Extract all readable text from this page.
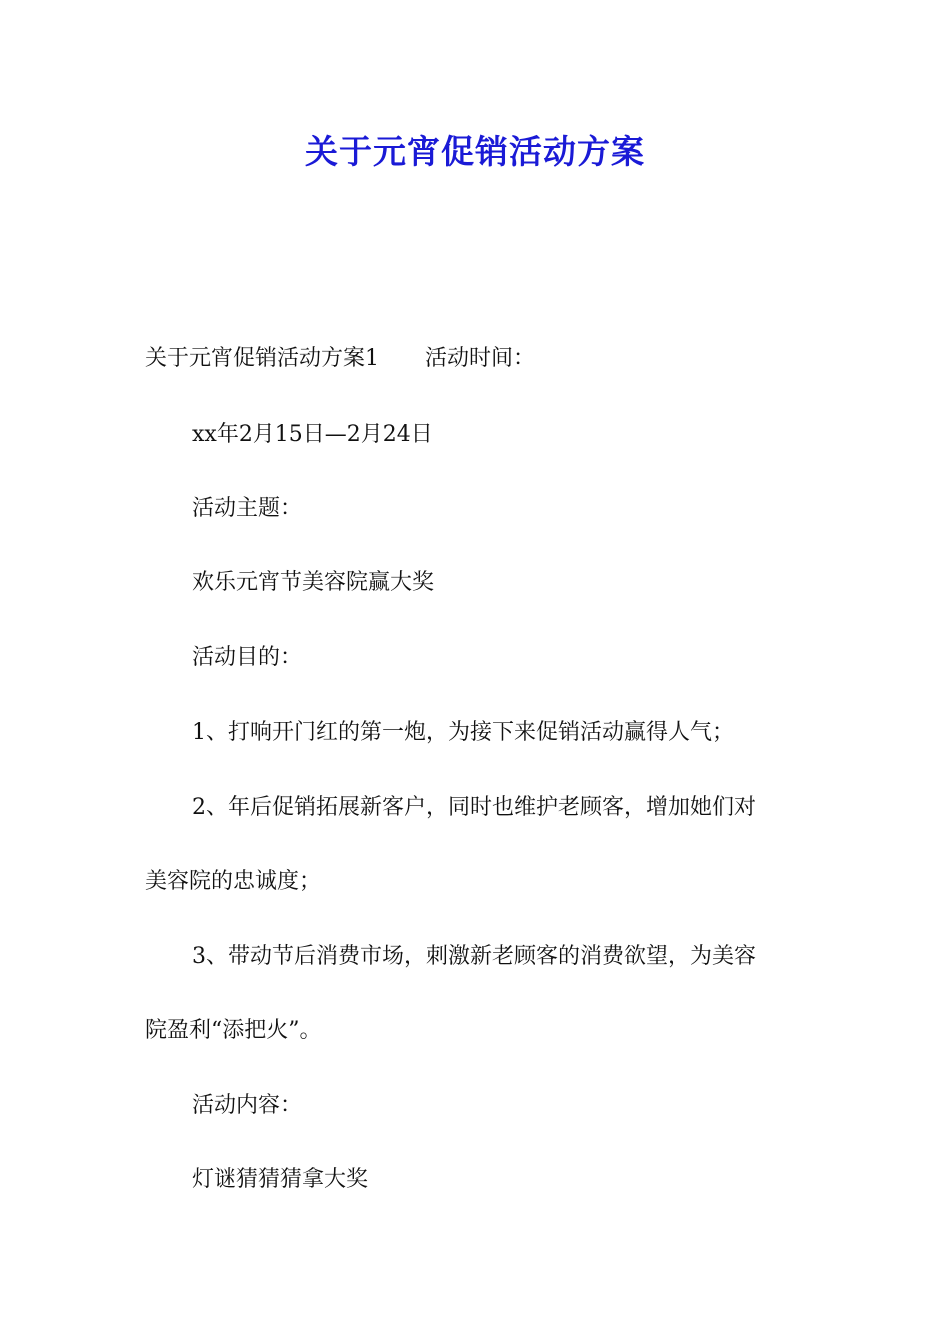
关于元宵促销活动方案
关于元宵促销活动方案1 活动时间：
xx年2月15日—2月24日
活动主题：
欢乐元宵节美容院赢大奖
活动目的：
1、打响开门红的第一炮，为接下来促销活动赢得人气；
2、年后促销拓展新客户，同时也维护老顾客，增加她们对
美容院的忠诚度；
3、带动节后消费市场，刺激新老顾客的消费欲望，为美容
院盈利“添把火”。
活动内容：
灯谜猜猜猜拿大奖
